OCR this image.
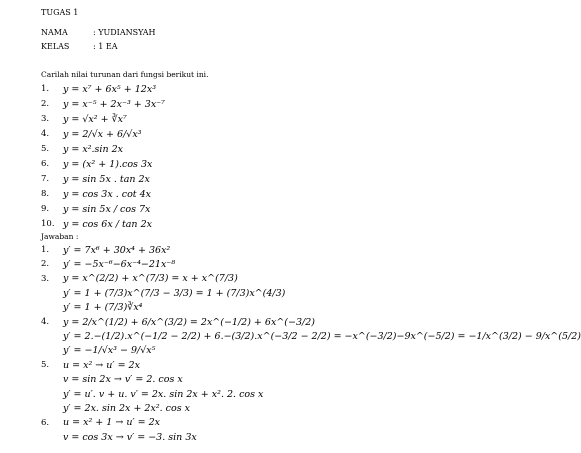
TUGAS 1
NAMA	: YUDIANSYAH
KELAS	: 1 EA
Carilah nilai turunan dari fungsi berikut ini.
1.	y = x⁷ + 6x⁵ + 12x³
2.	y = x⁻⁵ + 2x⁻³ + 3x⁻⁷
3.	y = √x² + ∛x⁷
4.	y = 2/√x + 6/√x³
5.	y = x².sin 2x
6.	y = (x² + 1).cos 3x
7.	y = sin 5x . tan 2x
8.	y = cos 3x . cot 4x
9.	y = sin 5x / cos 7x
10. y = cos 6x / tan 2x
Jawaban :
1.	y′ = 7x⁶ + 30x⁴ + 36x²
2.	y′ = −5x⁻⁶−6x⁻⁴−21x⁻⁸
3.	y = x^(2/2) + x^(7/3) = x + x^(7/3)
y′ = 1 + (7/3)x^(7/3 − 3/3) = 1 + (7/3)x^(4/3)
y′ = 1 + (7/3)∛x⁴
4.	y = 2/x^(1/2) + 6/x^(3/2) = 2x^(−1/2) + 6x^(−3/2)
y′ = 2.−(1/2).x^(−1/2 − 2/2) + 6.−(3/2).x^(−3/2 − 2/2) = −x^(−3/2)−9x^(−5/2) = −1/x^(3/2) − 9/x^(5/2)
y′ = −1/√x³ − 9/√x⁵
5.	u = x² → u′ = 2x
v = sin 2x → v′ = 2. cos x
y′ = u′. v + u. v′ = 2x. sin 2x + x². 2. cos x
y′ = 2x. sin 2x + 2x². cos x
6.	u = x² + 1 → u′ = 2x
v = cos 3x → v′ = −3. sin 3x
